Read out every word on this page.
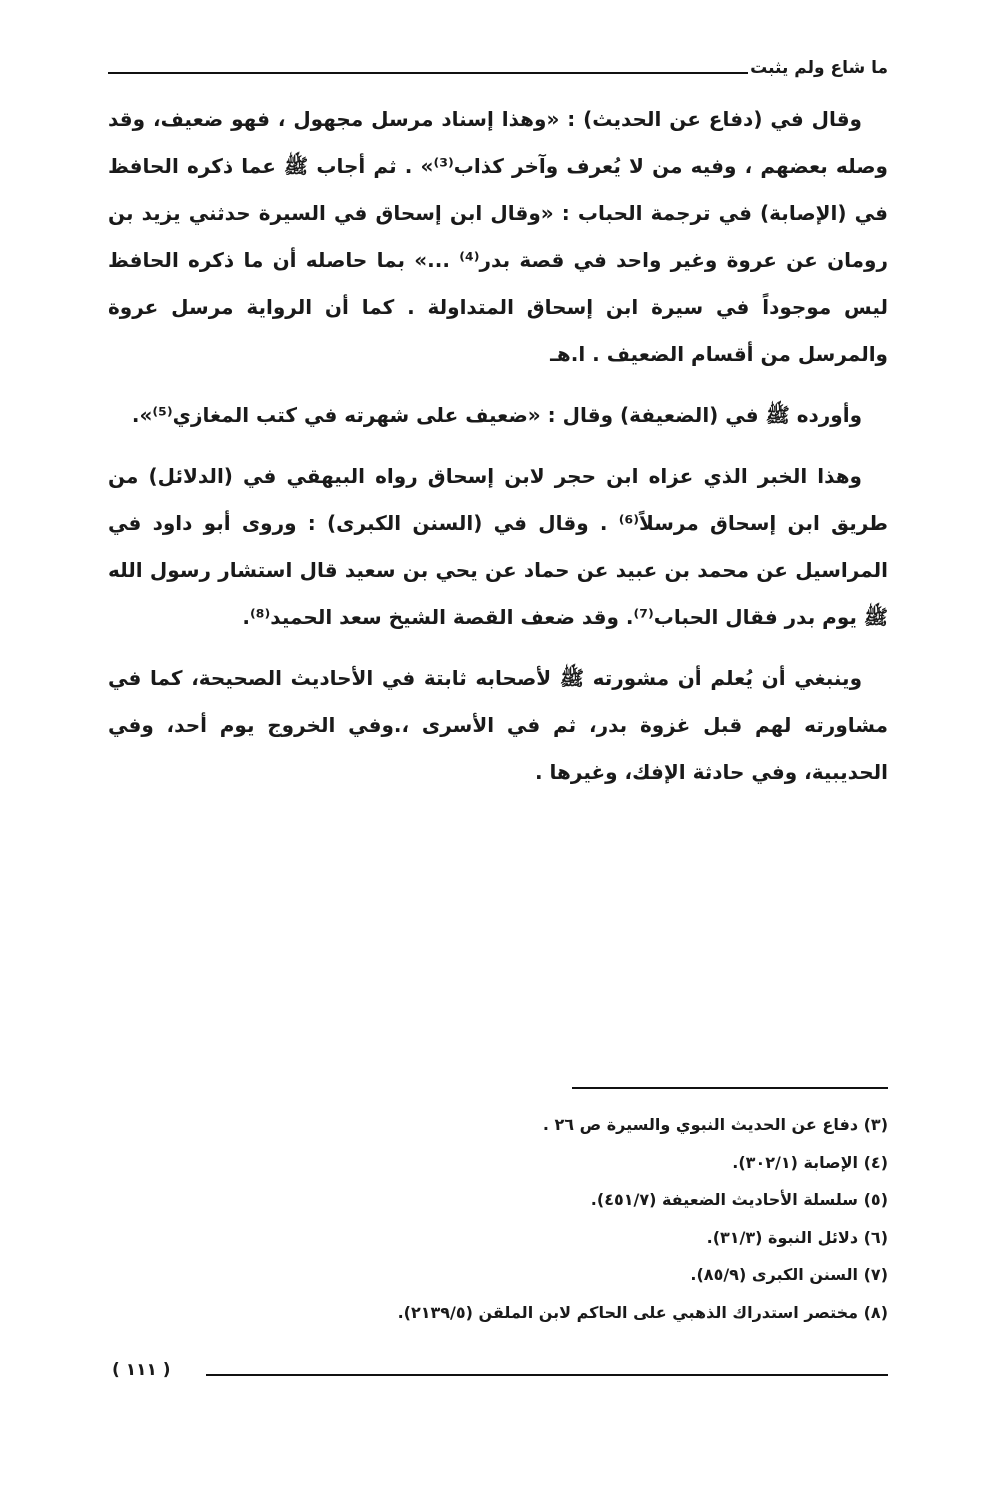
ما شاع ولم يثبت

وقال في (دفاع عن الحديث) : «وهذا إسناد مرسل مجهول ، فهو ضعيف، وقد وصله بعضهم ، وفيه من لا يُعرف وآخر كذاب⁽³⁾» . ثم أجاب ﷺ عما ذكره الحافظ في (الإصابة) في ترجمة الحباب : «وقال ابن إسحاق في السيرة حدثني يزيد بن رومان عن عروة وغير واحد في قصة بدر⁽⁴⁾ ...» بما حاصله أن ما ذكره الحافظ ليس موجوداً في سيرة ابن إسحاق المتداولة . كما أن الرواية مرسل عروة والمرسل من أقسام الضعيف . ا.هـ

وأورده ﷺ في (الضعيفة) وقال : «ضعيف على شهرته في كتب المغازي⁽⁵⁾».

وهذا الخبر الذي عزاه ابن حجر لابن إسحاق رواه البيهقي في (الدلائل) من طريق ابن إسحاق مرسلاً⁽⁶⁾ . وقال في (السنن الكبرى) : وروى أبو داود في المراسيل عن محمد بن عبيد عن حماد عن يحي بن سعيد قال استشار رسول الله ﷺ يوم بدر فقال الحباب⁽⁷⁾. وقد ضعف القصة الشيخ سعد الحميد⁽⁸⁾.

وينبغي أن يُعلم أن مشورته ﷺ لأصحابه ثابتة في الأحاديث الصحيحة، كما في مشاورته لهم قبل غزوة بدر، ثم في الأسرى ،.وفي الخروج يوم أحد، وفي الحديبية، وفي حادثة الإفك، وغيرها .

(٣) دفاع عن الحديث النبوي والسيرة ص ٢٦ .
(٤) الإصابة (٣٠٢/١).
(٥) سلسلة الأحاديث الضعيفة (٤٥١/٧).
(٦) دلائل النبوة (٣١/٣).
(٧) السنن الكبرى (٨٥/٩).
(٨) مختصر استدراك الذهبي على الحاكم لابن الملقن (٢١٣٩/٥).
( ١١١ )
